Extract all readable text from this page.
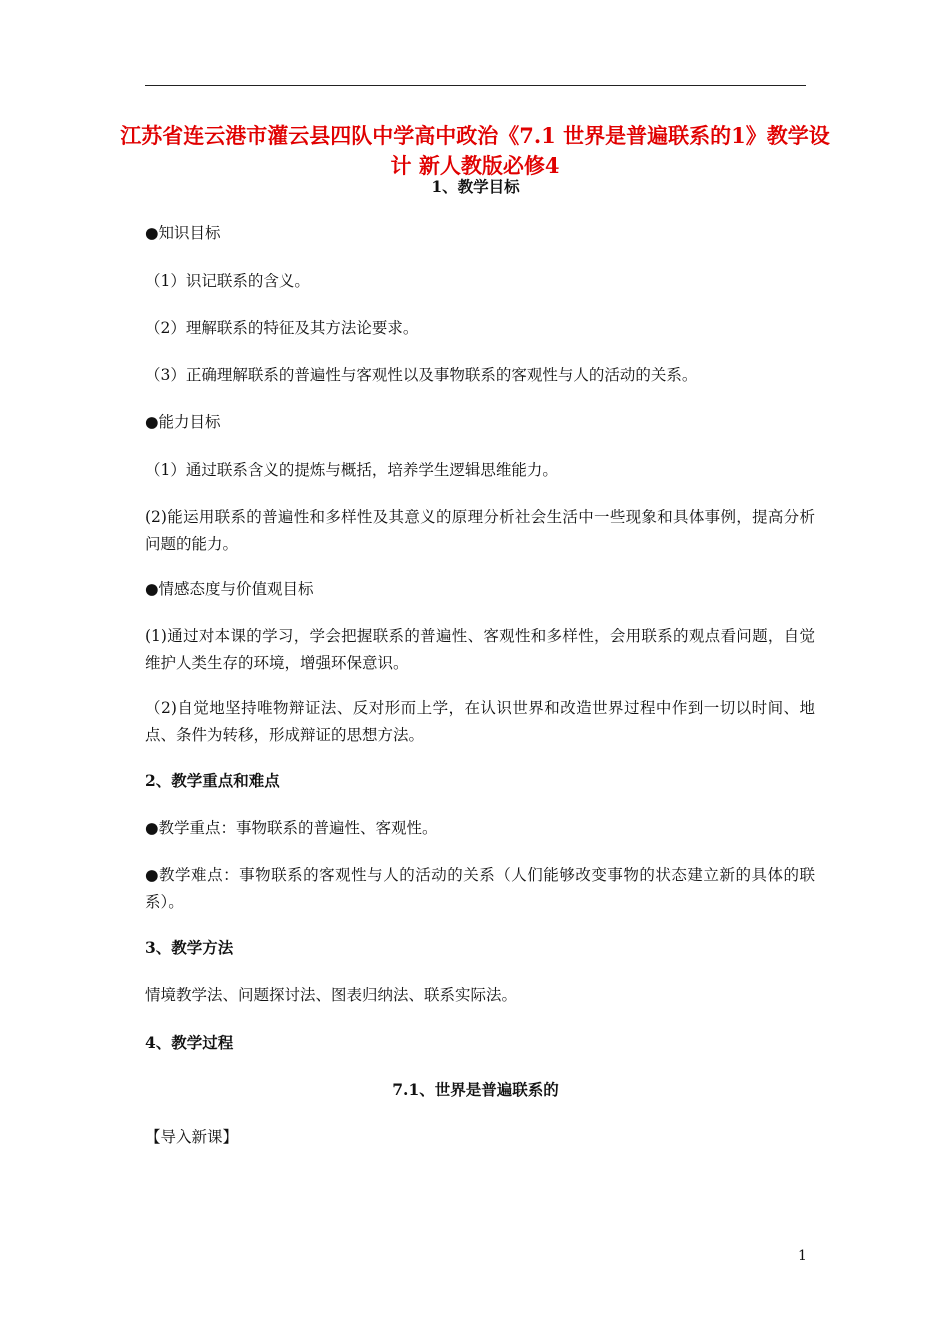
江苏省连云港市灌云县四队中学高中政治《7.1 世界是普遍联系的1》教学设计 新人教版必修4
1、教学目标
●知识目标
（1）识记联系的含义。
（2）理解联系的特征及其方法论要求。
（3）正确理解联系的普遍性与客观性以及事物联系的客观性与人的活动的关系。
●能力目标
（1）通过联系含义的提炼与概括，培养学生逻辑思维能力。
(2)能运用联系的普遍性和多样性及其意义的原理分析社会生活中一些现象和具体事例，提高分析问题的能力。
●情感态度与价值观目标
(1)通过对本课的学习，学会把握联系的普遍性、客观性和多样性，会用联系的观点看问题，自觉维护人类生存的环境，增强环保意识。
（2)自觉地坚持唯物辩证法、反对形而上学，在认识世界和改造世界过程中作到一切以时间、地点、条件为转移，形成辩证的思想方法。
2、教学重点和难点
●教学重点：事物联系的普遍性、客观性。
●教学难点：事物联系的客观性与人的活动的关系（人们能够改变事物的状态建立新的具体的联系）。
3、教学方法
情境教学法、问题探讨法、图表归纳法、联系实际法。
4、教学过程
7.1、世界是普遍联系的
【导入新课】
1
